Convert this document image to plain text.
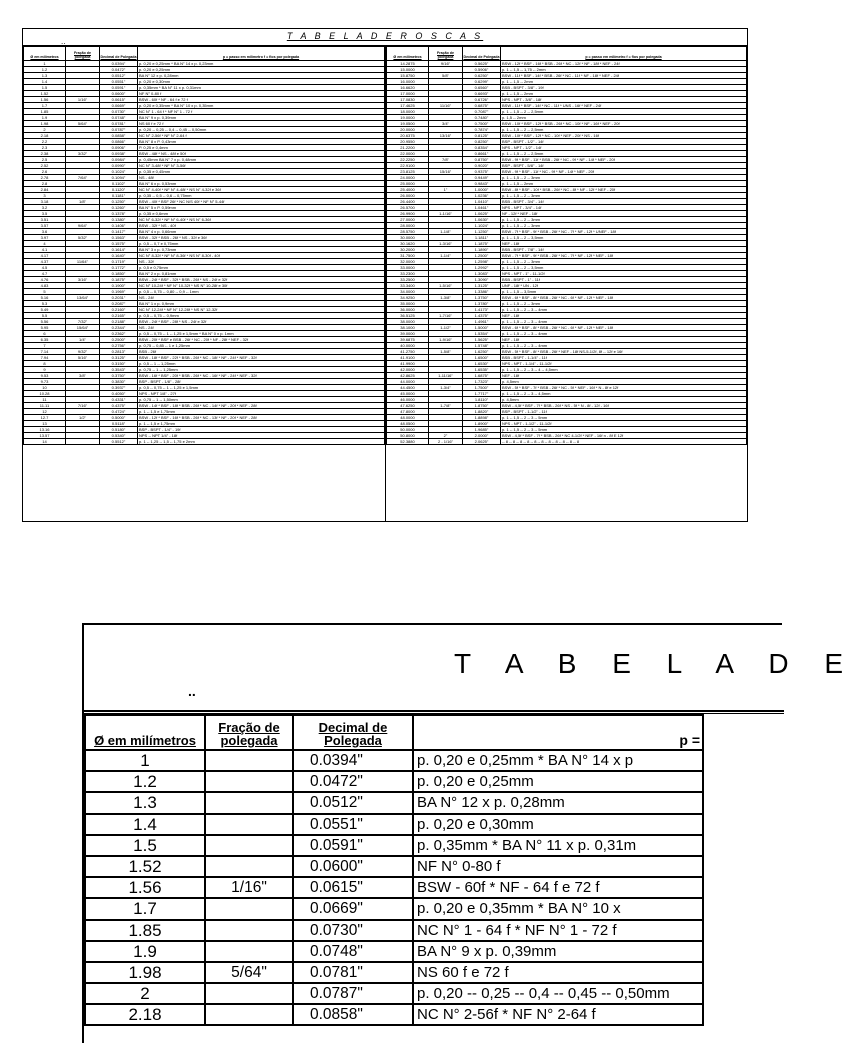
T A B E L A D E R O S C A S
..
Ø em milímetros	Fração de polegada	Decimal de Polegada	p = passo em milímetro f = fios por polegada
1		0.0394"	p. 0,20 e 0,25mm * BA N° 14 x p. 0,23mm
1.2		0.0472"	p. 0,20 e 0,25mm
1.3		0.0512"	BA N° 12 x p. 0,28mm
1.4		0.0551"	p. 0,20 e 0,30mm
1.5		0.0591"	p. 0,35mm * BA N° 11 x p. 0,31mm
1.52		0.0600"	NF N° 0-80 f
1.56	1/16"	0.0615"	BSW - 60f * NF - 64 f e 72 f
1.7		0.0669"	p. 0,20 e 0,35mm * BA N° 10 x p. 0,35mm
1.85		0.0730"	NC N° 1 - 64 f * NF N° 1 - 72 f
1.9		0.0748"	BA N° 9 x p. 0,39mm
1.98	5/64"	0.0781"	NS 60 f e 72 f
2		0.0787"	p. 0,20 -- 0,25 -- 0,4 -- 0,45 -- 0,50mm
2.18		0.0858"	NC N° 2-56f * NF N° 2-64 f
2.2		0.0866"	BA N° 8 x P. 0,43mm
2.3		0.0906"	P. 0,25 e 0,4mm
2.38	3/32"	0.0938"	BSW - 48f * NS - 48f e 50f
2.5		0.0984"	p. 0,45mm BA N° 7 x p. 0,48mm
2.52		0.0990"	NC N° 3-48f * NF N° 3-56f
2.6		0.1024"	p. 0,35 e 0,45mm
2.78	7/64"	0.1094"	NS - 48f
2.8		0.1102"	BA N° 6 x p. 0,53mm
2.84		0.1120"	NC N° 4-40f * NF N° 4-48f * NS N° 4-32f e 36f
3		0.1181"	p. 0,35 -- 0,5 -- 0,6 -- 0,75mm
3.18	1/8"	0.1250"	BSW - 40f * BSF 26f * NC N/S 40f * NF N° 5-44f
3.2		0.1260"	BA N° 5 x P. 0,59mm
3.5		0.1378"	p. 0,35 e 0,6mm
3.51		0.1380"	NC N° 6-32f * NF N° 6-40f * NS N° 6-36f
3.57	9/64"	0.1406"	BSW - 32f * NS - 40f
3.6		0.1417"	BA N° 4 x p. 0,66mm
3.97	5/32"	0.1563"	BSW - 32f * BSB - 26f * NS - 32f e 36f
4		0.1575"	p. 0,5 -- 0,7 e 0,75mm
4.1		0.1614"	BA N° 3 x p. 0,73mm
4.17		0.1640"	NC N° 8-32f * NF N° 8-36f * NS N° 8-30f - 40f
4.37	11/64"	0.1719"	NS - 32f
4.5		0.1772"	p. 0,5 e 0,75mm
4.7		0.1850"	BA N° 2 x p. 0,81mm
4.76	3/16"	0.1875"	BSW - 24f * BSF - 32f * BSB - 26f * NS - 24f e 32f
4.83		0.1900"	NC N° 10-24f * NF N° 10-32f * NS N° 10-28f e 30f
5		0.1969"	p. 0,5 -- 0,75 -- 0,80 -- 0,9 -- 1mm
5.16	13/64"	0.2031"	NS - 24f
5.3		0.2087"	BA N° 1 x p. 0,9mm
5.49		0.2160"	NC N° 12-24f * NF N° 12-28f * NS N° 12-32f
5.5		0.2165"	p. 0,5 -- 0,75 -- 0,9mm
5.56	7/32"	0.2188"	BSW - 24f * BSF - 28f * NS - 24f e 32f
5.95	15/64"	0.2344"	NS - 24f
6		0.2362"	p. 0,5 -- 0,75 -- 1 -- 1,25 e 1,5mm * BA N° 0 x p. 1mm
6.35	1/4"	0.2500"	BSW - 20f * BSF e BSB - 26f * NC - 20f * NF - 28f * NEF - 32f
7		0.2756"	p. 0,75 -- 0,85 -- 1 e 1,25mm
7.14	9/32"	0.2813"	BSB - 26f
7.94	5/16"	0.3125"	BSW - 18f * BSF - 22f * BSB - 26f * NC - 18f * NF - 24f * NEF - 32f
8		0.3150"	p. 0,5 -- 1 -- 1,25mm
9		0.3543"	p. 0,75 -- 1 -- 1,25mm
9.53	3/8"	0.3750"	BSW - 16f * BSF - 20f * BSB - 26f * NC - 16f * NF - 24f * NEF - 32f
9.73		0.3830"	BSP - BSPT - 1/8" - 28f
10		0.3937"	p. 0,5 -- 0,75 -- 1 -- 1,25 e 1,5mm
10.28		0.4050"	NPS - NPT 1/8" - 27f
11		0.4331"	p. 0,75 -- 1 -- 1,50mm
11.11	7/16"	0.4375"	BSW - 14f * BSF - 18f * BSB - 26f * NC - 14f * NF - 20f * NEF - 28f
12		0.4724"	p. 1 -- 1,5 e 1,75mm
12.7	1/2"	0.5000"	BSW - 12f * BSF - 16f * BSB - 26f * NC - 13f * NF - 20f * NEF - 28f
13		0.5118"	p. 1 -- 1,5 e 1,75mm
13.16		0.5180"	BSP - BSPT - 1/4" - 19f
13.57		0.5340"	NPS -- NPT 1/4" - 18f
14		0.5512"	p. 1 -- 1,25 -- 1,5 -- 1,75 e 2mm
Ø em milímetros	Fração de polegada	Decimal de Polegada	p = passo em milímetro f = fios por polegada
14.2875	9/16"	0.5625"	BSW - 12f * BSF - 16f * BSB - 26f * NC - 12f * NF - 18f * NEF - 24f
15.0000		0.5906"	p. 1 -- 1,5 -- 1,75 -- 2mm
15.8750	5/8"	0.6250"	BSW - 11f * BSF - 14f * BSB - 26f * NC - 11f * NF - 18f * NEF - 24f
16.0000		0.6299"	p. 1 -- 1,5 -- 2mm
16.6620		0.6560"	BSB - BSPT - 3/8" - 19f
17.0000		0.6693"	p. 1 -- 1,5 -- 2mm
17.0830		0.6726"	NPS - NPT - 3/8" - 18f
17.4625	11/16"	0.6875"	BSW - 11f * BSF - 14f * NC - 11f * UNS - 16f * NEF - 24f
18.0000		0.7087"	p. 1 -- 1,5 -- 2 -- 2,5mm
19.0000		0.7480"	p. 1,5 -- 2mm
19.0500	3/4"	0.7500"	BSW - 10f * BSF - 12f * BSB - 26f * NC - 10f * NF - 16f * NEF - 20f
20.0000		0.7874"	p. 1 -- 1,5 -- 2 -- 2,5mm
20.6375	13/16"	0.8125"	BSW - 10f * BSF - 12f * NC - 10f * NEF - 20f * NS - 16f
20.9550		0.8250"	BSP - BSPT - 1/2" - 14f
21.2200		0.8354"	NPS - NPT - 1/2" - 14f
22.0000		0.8661"	p. 1 -- 1,5 -- 2 -- 2,5mm
22.2250	7/8"	0.8750"	BSW - 9f * BSF - 11f * BSB - 26f * NC - 9f * NF - 14f * NEF - 20f
22.9100		0.9020"	BSP - BSPT - 5/8" - 14f
23.8125	15/16"	0.9375"	BSW - 9f * BSF - 11f * NC - 9f * NF - 14f * NEF - 20f
24.0000		0.9449"	p. 1 -- 1,5 -- 2 -- 3mm
25.0000		0.9843"	p. 1 -- 1,5 -- 2mm
25.4000	1"	1.0000"	BSW - 8f * BSF - 10f * BSB - 26f * NC - 8f * NF - 12f * NEF - 20f
26.0000		1.0236"	p. 1 -- 1,5 -- 2 -- 3mm
26.4400		1.0410"	BSB - BSPT - 3/4" - 14f
26.5700		1.0461"	NPS - NPT - 3/4" - 14f
26.9900	1-1/16"	1.0625"	NF - 12f * NEF - 18f
27.0000		1.0630"	p. 1 -- 1,5 -- 2 -- 3mm
28.0000		1.1024"	p. 1 -- 1,5 -- 2 -- 3mm
28.5750	1-1/8"	1.1250"	BSW - 7f * BSF - 9f * BSB - 26f * NC - 7f * NF - 12f * UNEF - 18f
30.0000		1.1811"	p. 1 -- 1,5 -- 2 -- 3,5mm
30.1620	1-3/16"	1.1875"	NEF - 18f
30.2000		1.1890"	BSB - BSPT - 7/8" - 14f
31.7500	1-1/4"	1.2500"	BSW - 7f * BSF - 9f * BSB - 26f * NC - 7f * NF - 12f * NEF - 18f
32.0000		1.2598"	p. 1 -- 1,5 -- 2 -- 3mm
33.0000		1.2992"	p. 1 -- 1,5 -- 2 -- 3,5mm
33.2300		1.3083"	NPS - NPT - 1" - 11-1/2f
33.2500		1.3090"	BSB - BSPT - 1" - 11f
33.3400	1-5/16"	1.3125"	UNF - 18f * UN - 12f
34.0000		1.3386"	p. 1 -- 1,5 -- 3,5mm
34.9250	1-3/8"	1.3750"	BSW - 6f * BSF - 8f * BSB - 26f * NC - 6f * NF - 12f * NEF - 18f
35.0000		1.3780"	p. 1 -- 1,5 -- 2 -- 3mm
36.0000		1.4173"	p. 1 -- 1,5 -- 2 -- 3 -- 4mm
36.5125	1-7/16"	1.4375"	NEF - 18f
38.0000		1.4961"	p. 1 -- 1,5 -- 2 -- 3 -- 4mm
38.1000	1-1/2"	1.5000"	BSW - 6f * BSF - 8f * BSB - 26f * NC - 6f * NF - 12f * NEF - 18f
39.0000		1.5354"	p. 1 -- 1,5 -- 2 -- 3 -- 4mm
39.6875	1-9/16"	1.5625"	NEF - 18f
40.0000		1.5748"	p. 1 -- 1,5 -- 2 -- 3 -- 4mm
41.2750	1-5/8"	1.6250"	BSW - 5f * BSF - 8f * BSB - 26f * NEF - 18f NS-5-1/2f, 8f -- 12f e 16f
41.9100		1.6500"	BSB - BSPT - 1-1/4" - 11f
41.9900		1.6530"	NPS - NPT - 1-1/4" - 11-1/2f
42.0000		1.6535"	p. 1 -- 1,5 -- 2 -- 3 -- 4 -- 4,5mm
42.8625	1-11/16"	1.6875"	NEF - 18f
44.0000		1.7323"	p. 4,5mm
44.4500	1-3/4"	1.7500"	BSW - 5f * BSF - 7f * BSB - 26f * NC - 5f * NEF - 16f * N - 8f e 12f
45.0000		1.7717"	p. 1 -- 1,5 -- 2 -- 3 -- 4,5mm
46.0000		1.8110"	p. 4,5mm
47.6250	1-7/8"	1.8750"	BSW - 4,5f * BSF - 7f * BSB - 26f * NS - 5f * N - 8f - 12f - 16f
47.8000		1.8820"	BSP - BSPT - 1-1/2" - 11f
48.0000		1.8898"	p. 1 -- 1,5 -- 2 -- 3 -- 5mm
48.0500		1.8900"	NPS - NPT - 1-1/2" - 11-1/2f
50.0000		1.9685"	p. 1 -- 1,5 -- 2 -- 3 -- 5mm
50.8000	2"	2.0000"	BSW - 4,5f * BSF - 7f * BSB - 26f * NC 4-1/2f * NEF - 16f n - 8f E 12f
52.3880	2 - 1/16"	2.0625"	-- 8 -- 8 -- 8 -- 8 -- 8 -- 8 -- 8 -- 8 -- 8 -- 8 -- 8
T A B E L A D E
..
Ø em milímetros	Fração de polegada	Decimal de Polegada	p =
1		0.0394"	p. 0,20 e 0,25mm * BA N° 14 x p
1.2		0.0472"	p. 0,20 e 0,25mm
1.3		0.0512"	BA N° 12 x p. 0,28mm
1.4		0.0551"	p. 0,20 e 0,30mm
1.5		0.0591"	p. 0,35mm * BA N° 11 x p. 0,31m
1.52		0.0600"	NF N° 0-80 f
1.56	1/16"	0.0615"	BSW - 60f * NF - 64 f e 72 f
1.7		0.0669"	p. 0,20 e 0,35mm * BA N° 10 x
1.85		0.0730"	NC N° 1 - 64 f * NF N° 1 - 72 f
1.9		0.0748"	BA N° 9 x p. 0,39mm
1.98	5/64"	0.0781"	NS 60 f e 72 f
2		0.0787"	p. 0,20 -- 0,25 -- 0,4 -- 0,45 -- 0,50mm
2.18		0.0858"	NC N° 2-56f * NF N° 2-64 f
